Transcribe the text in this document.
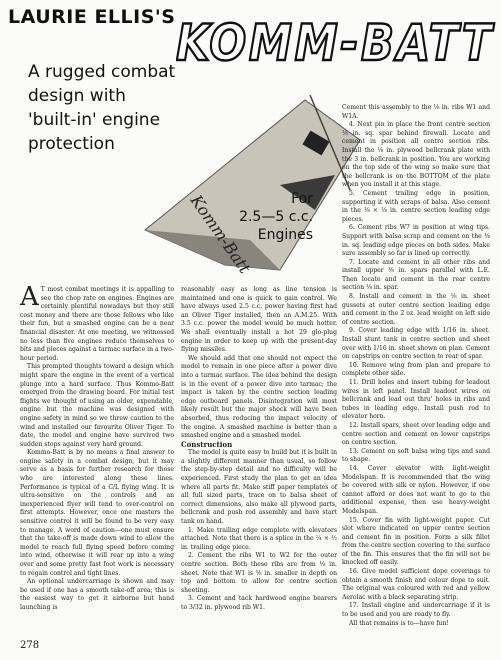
LAURIE ELLIS'S KOMM-BATT
A rugged combat
design with
'built-in' engine
protection
Komm-Batt	For
2.5—5 c.c.
Engines
A T most combat meetings it is appalling to see the chop rate on engines. Engines are certainly plentiful nowadays but they still cost money and there are those fellows who like their fun, but a smashed engine can be a near financial disaster. At one meeting, we witnessed no less than five engines reduce themselves to bits and pieces against a tarmac surface in a two-hour period.

This prompted thoughts toward a design which might spare the engine in the event of a vertical plunge into a hard surface. Thus Kommo-Batt emerged from the drawing board. For initial test flights we thought of using an older, expendable, engine but the machine was designed with engine safety in mind so we threw caution to the wind and installed our favourite Oliver Tiger. To date, the model and engine have survived two sudden stops against very hard ground.

Kommo-Batt is by no means a final answer to engine safety in a combat design, but it may serve as a basis for further research for those who are interested along these lines. Performance is typical of a C/L flying wing. It is ultra-sensitive on the controls and an inexperienced flyer will tend to over-control on first attempts. However, once one masters the sensitive control it will be found to be very easy to manage. A word of caution—one must ensure that the take-off is made down wind to allow the model to reach full flying speed before coming into wind, otherwise it will rear up into a wing over and some pretty fast foot work is necessary to regain control and tight lines.

An optional undercarriage is shown and may be used if one has a smooth take-off area; this is the easiest way to get it airborne but hand launching is

reasonably easy as long as line tension is maintained and one is quick to gain control. We have always used 2.5 c.c. power having first had an Oliver Tiger installed, then an A.M.25. With 3.5 c.c. power the model would be much hotter. We shall eventually install a hot 29 glo-plug engine in order to keep up with the present-day flying missiles.

We should add that one should not expect the model to remain in one piece after a power dive into a tarmac surface. The idea behind the design is in the event of a power dive into tarmac; the impact is taken by the centre section leading edge outboard panels. Disintegration will most likely result but the major shock will have been absorbed, thus reducing the impact velocity of the engine. A smashed machine is better than a smashed engine and a smashed model.

Construction

The model is quite easy to build but it is built in a slightly different manner than usual, so follow the step-by-step detail and no difficulty will be experienced. First study the plan to get an idea where all parts fit. Make stiff paper templates of all full sized parts, trace on to balsa sheet of correct dimensions, also make all plywood parts, bellcrank and push rod assembly and have start tank on hand.

1. Make trailing edge complete with elevators attached. Note that there is a splice in the ¼ × ½ in. trailing edge piece.

2. Cement the ribs W1 to W2 for the outer centre section. Both these ribs are from ⅛ in. sheet. Note that W1 is ⅛ in. smaller in depth on top and bottom to allow for centre section sheeting.

3. Cement and tack hardwood engine bearers to 3/32 in. plywood rib W1.

Cement this assembly to the ⅛ in. ribs W1 and W1A.

4. Next pin in place the front centre section ⅛ in. sq. spar behind firewall. Locate and cement in position all centre section ribs. Install the ⅛ in. plywood bellcrank plate with the 3 in. bellcrank in position. You are working on the top side of the wing so make sure that the bellcrank is on the BOTTOM of the plate when you install it at this stage.

5. Cement trailing edge in position, supporting it with scraps of balsa. Also cement in the ⅛ × ⅛ in. centre section leading edge pieces.

6. Cement ribs W7 in position at wing tips. Support with balsa scrap and cement on the ⅛ in. sq. leading edge pieces on both sides. Make sure assembly so far is lined up correctly.

7. Locate and cement in all other ribs and install upper ⅛ in. spars parallel with L.E. Then locate and cement in the rear centre section ⅛ in. spar.

8. Install and cement in the ⅛ in. sheet gussets at outer centre section leading edge and cement in the 2 oz. lead weight on left side of centre section.

9. Cover leading edge with 1/16 in. sheet. Install stunt tank in centre section and sheet over with 1/16 in. sheet shown on plan. Cement on capstrips on centre section to rear of spar.

10. Remove wing from plan and prepare to complete other side.

11. Drill holes and insert tubing for leadout wires in left panel. Install leadout wires on bellcrank and lead out thru' holes in ribs and tubes in leading edge. Install push rod to elevator horn.

12. Install spars, sheet over leading edge and centre section and cement on lower capstrips on centre section.

13. Cement on soft balsa wing tips and sand to shape.

14. Cover elevator with light-weight Modelspan. It is recommended that the wing be covered with silk or nylon. However, if one cannot afford or does not want to go to the additional expense, then use heavy-weight Modelspan.

15. Cover fin with light-weight paper. Cut slot where indicated on upper centre section and cement fin in position. Form a silk fillet from the centre section covering to the surface of the fin. This ensures that the fin will not be knocked off easily.

16. Give model sufficient dope coverings to obtain a smooth finish and colour dope to suit. The original was coloured with red and yellow Aerolac with a black separating strip.

17. Install engine and undercarriage if it is to be used and you are ready to fly.

All that remains is to—have fun!

278
